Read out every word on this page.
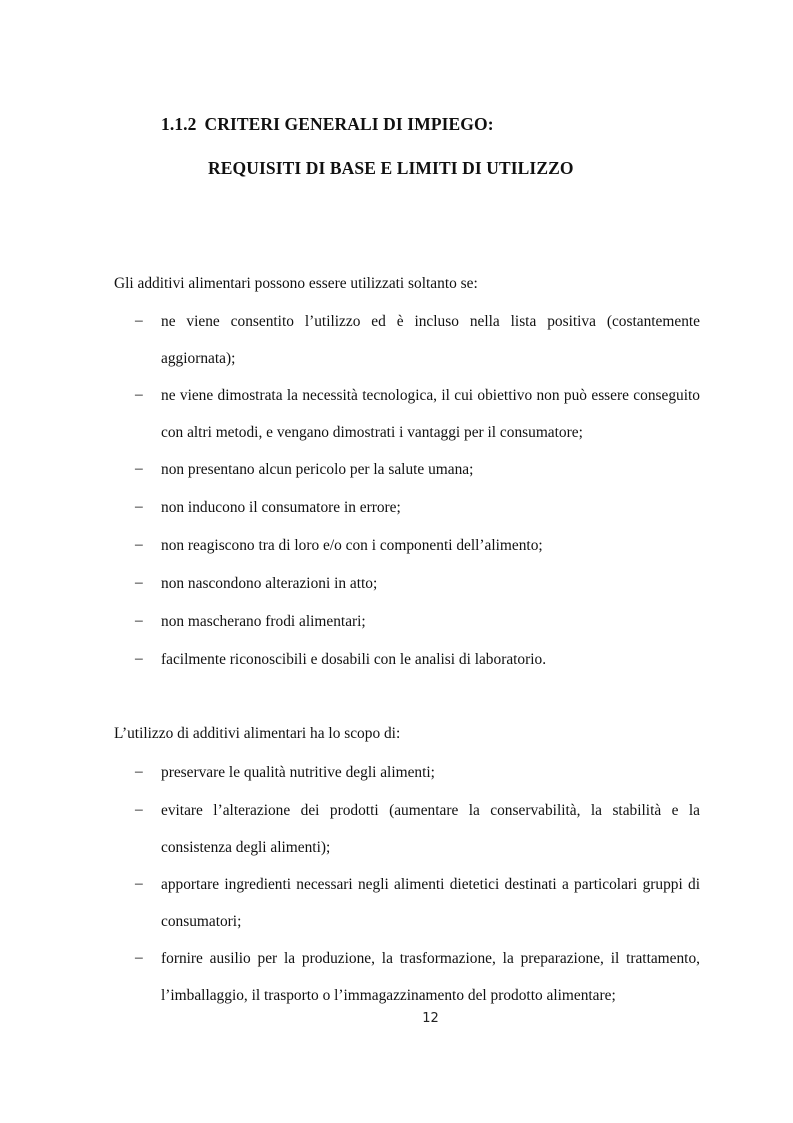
1.1.2 CRITERI GENERALI DI IMPIEGO:
REQUISITI DI BASE E LIMITI DI UTILIZZO

Gli additivi alimentari possono essere utilizzati soltanto se:

– ne viene consentito l’utilizzo ed è incluso nella lista positiva (costantemente aggiornata);
– ne viene dimostrata la necessità tecnologica, il cui obiettivo non può essere conseguito con altri metodi, e vengano dimostrati i vantaggi per il consumatore;
– non presentano alcun pericolo per la salute umana;
– non inducono il consumatore in errore;
– non reagiscono tra di loro e/o con i componenti dell’alimento;
– non nascondono alterazioni in atto;
– non mascherano frodi alimentari;
– facilmente riconoscibili e dosabili con le analisi di laboratorio.

L’utilizzo di additivi alimentari ha lo scopo di:

– preservare le qualità nutritive degli alimenti;
– evitare l’alterazione dei prodotti (aumentare la conservabilità, la stabilità e la consistenza degli alimenti);
– apportare ingredienti necessari negli alimenti dietetici destinati a particolari gruppi di consumatori;
– fornire ausilio per la produzione, la trasformazione, la preparazione, il trattamento, l’imballaggio, il trasporto o l’immagazzinamento del prodotto alimentare;
12
